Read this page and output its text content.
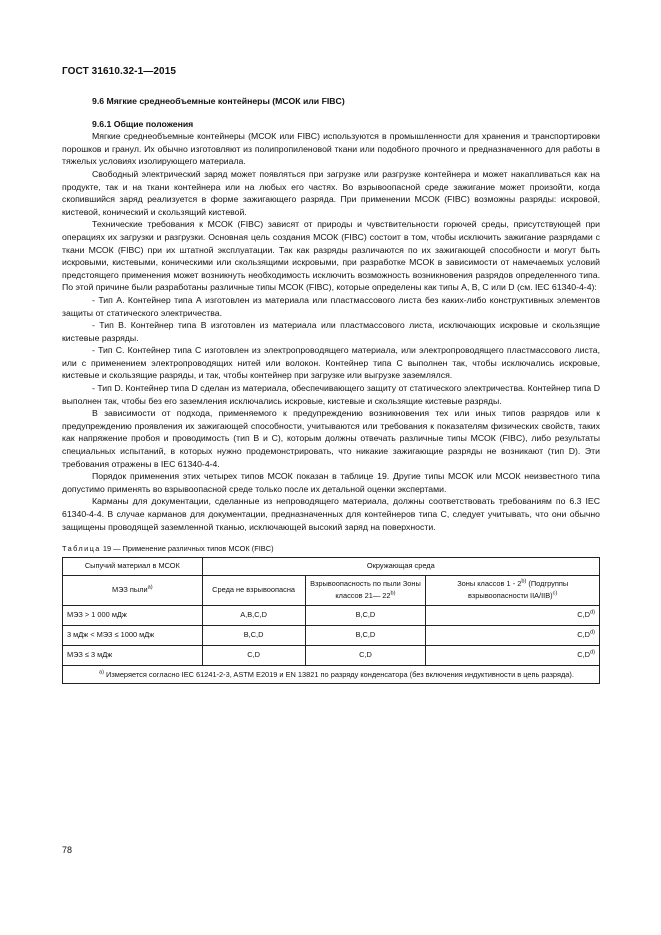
ГОСТ 31610.32-1—2015
9.6 Мягкие среднеобъемные контейнеры (МСОК или FIBC)
9.6.1 Общие положения

Мягкие среднеобъемные контейнеры (МСОК или FIBC) используются в промышленности для хранения и транспортировки порошков и гранул. Их обычно изготовляют из полипропиленовой ткани или подобного прочного и предназначенного для работы в тяжелых условиях изолирующего материала.

Свободный электрический заряд может появляться при загрузке или разгрузке контейнера и может накапливаться как на продукте, так и на ткани контейнера или на любых его частях. Во взрывоопасной среде зажигание может произойти, когда скопившийся заряд реализуется в форме зажигающего разряда. При применении МСОК (FIBC) возможны разряды: искровой, кистевой, конический и скользящий кистевой.

Технические требования к МСОК (FIBC) зависят от природы и чувствительности горючей среды, присутствующей при операциях их загрузки и разгрузки. Основная цель создания МСОК (FIBC) состоит в том, чтобы исключить зажигание разрядами с ткани МСОК (FIBC) при их штатной эксплуатации. Так как разряды различаются по их зажигающей способности и могут быть искровыми, кистевыми, коническими или скользящими искровыми, при разработке МСОК в зависимости от намечаемых условий предстоящего применения может возникнуть необходимость исключить возможность возникновения разрядов определенного типа. По этой причине были разработаны различные типы МСОК (FIBC), которые определены как типы А, В, С или D (см. IEC 61340-4-4):

- Тип А. Контейнер типа А изготовлен из материала или пластмассового листа без каких-либо конструктивных элементов защиты от статического электричества.

- Тип В. Контейнер типа В изготовлен из материала или пластмассового листа, исключающих искровые и скользящие кистевые разряды.

- Тип С. Контейнер типа С изготовлен из электропроводящего материала, или электропроводящего пластмассового листа, или с применением электропроводящих нитей или волокон. Контейнер типа С выполнен так, чтобы исключались искровые, кистевые и скользящие разряды, и так, чтобы контейнер при загрузке или выгрузке заземлялся.

- Тип D. Контейнер типа D сделан из материала, обеспечивающего защиту от статического электричества. Контейнер типа D выполнен так, чтобы без его заземления исключались искровые, кистевые и скользящие кистевые разряды.

В зависимости от подхода, применяемого к предупреждению возникновения тех или иных типов разрядов или к предупреждению проявления их зажигающей способности, учитываются или требования к показателям физических свойств, таких как напряжение пробоя и проводимость (тип В и С), которым должны отвечать различные типы МСОК (FIBC), либо результаты специальных испытаний, в которых нужно продемонстрировать, что никакие зажигающие разряды не возникают (тип D). Эти требования отражены в IEC 61340-4-4.

Порядок применения этих четырех типов МСОК показан в таблице 19. Другие типы МСОК или МСОК неизвестного типа допустимо применять во взрывоопасной среде только после их детальной оценки экспертами.

Карманы для документации, сделанные из непроводящего материала, должны соответствовать требованиям по 6.3 IEC 61340-4-4. В случае карманов для документации, предназначенных для контейнеров типа С, следует учитывать, что они обычно защищены проводящей заземленной тканью, исключающей высокий заряд на поверхности.

Таблица 19 — Применение различных типов МСОК (FIBC)
Сыпучий материал в МСОК	Окружающая среда		
МЭЗ пыли$^{a)}$	Среда не взрывоопасна	Взрывоопасность по пыли Зоны классов 21— 22$^{b)}$	Зоны классов 1 - 2$^{b)}$ (Подгруппы взрывоопасности IIA/IIB)$^{c)}$
МЭЗ > 1 000 мДж	A,B,C,D	B,C,D	$C,D^{d)}$
3 мДж < МЭЗ ≤ 1000 мДж	B,C,D	B,C,D	$C,D^{d)}$
МЭЗ ≤ 3 мДж	C,D	C,D	$C,D^{d)}$
$^{a)}$ Измеряется согласно IEC 61241-2-3, ASTM E2019 и EN 13821 по разряду конденсатора (без включения индуктивности в цепь разряда).			
78
